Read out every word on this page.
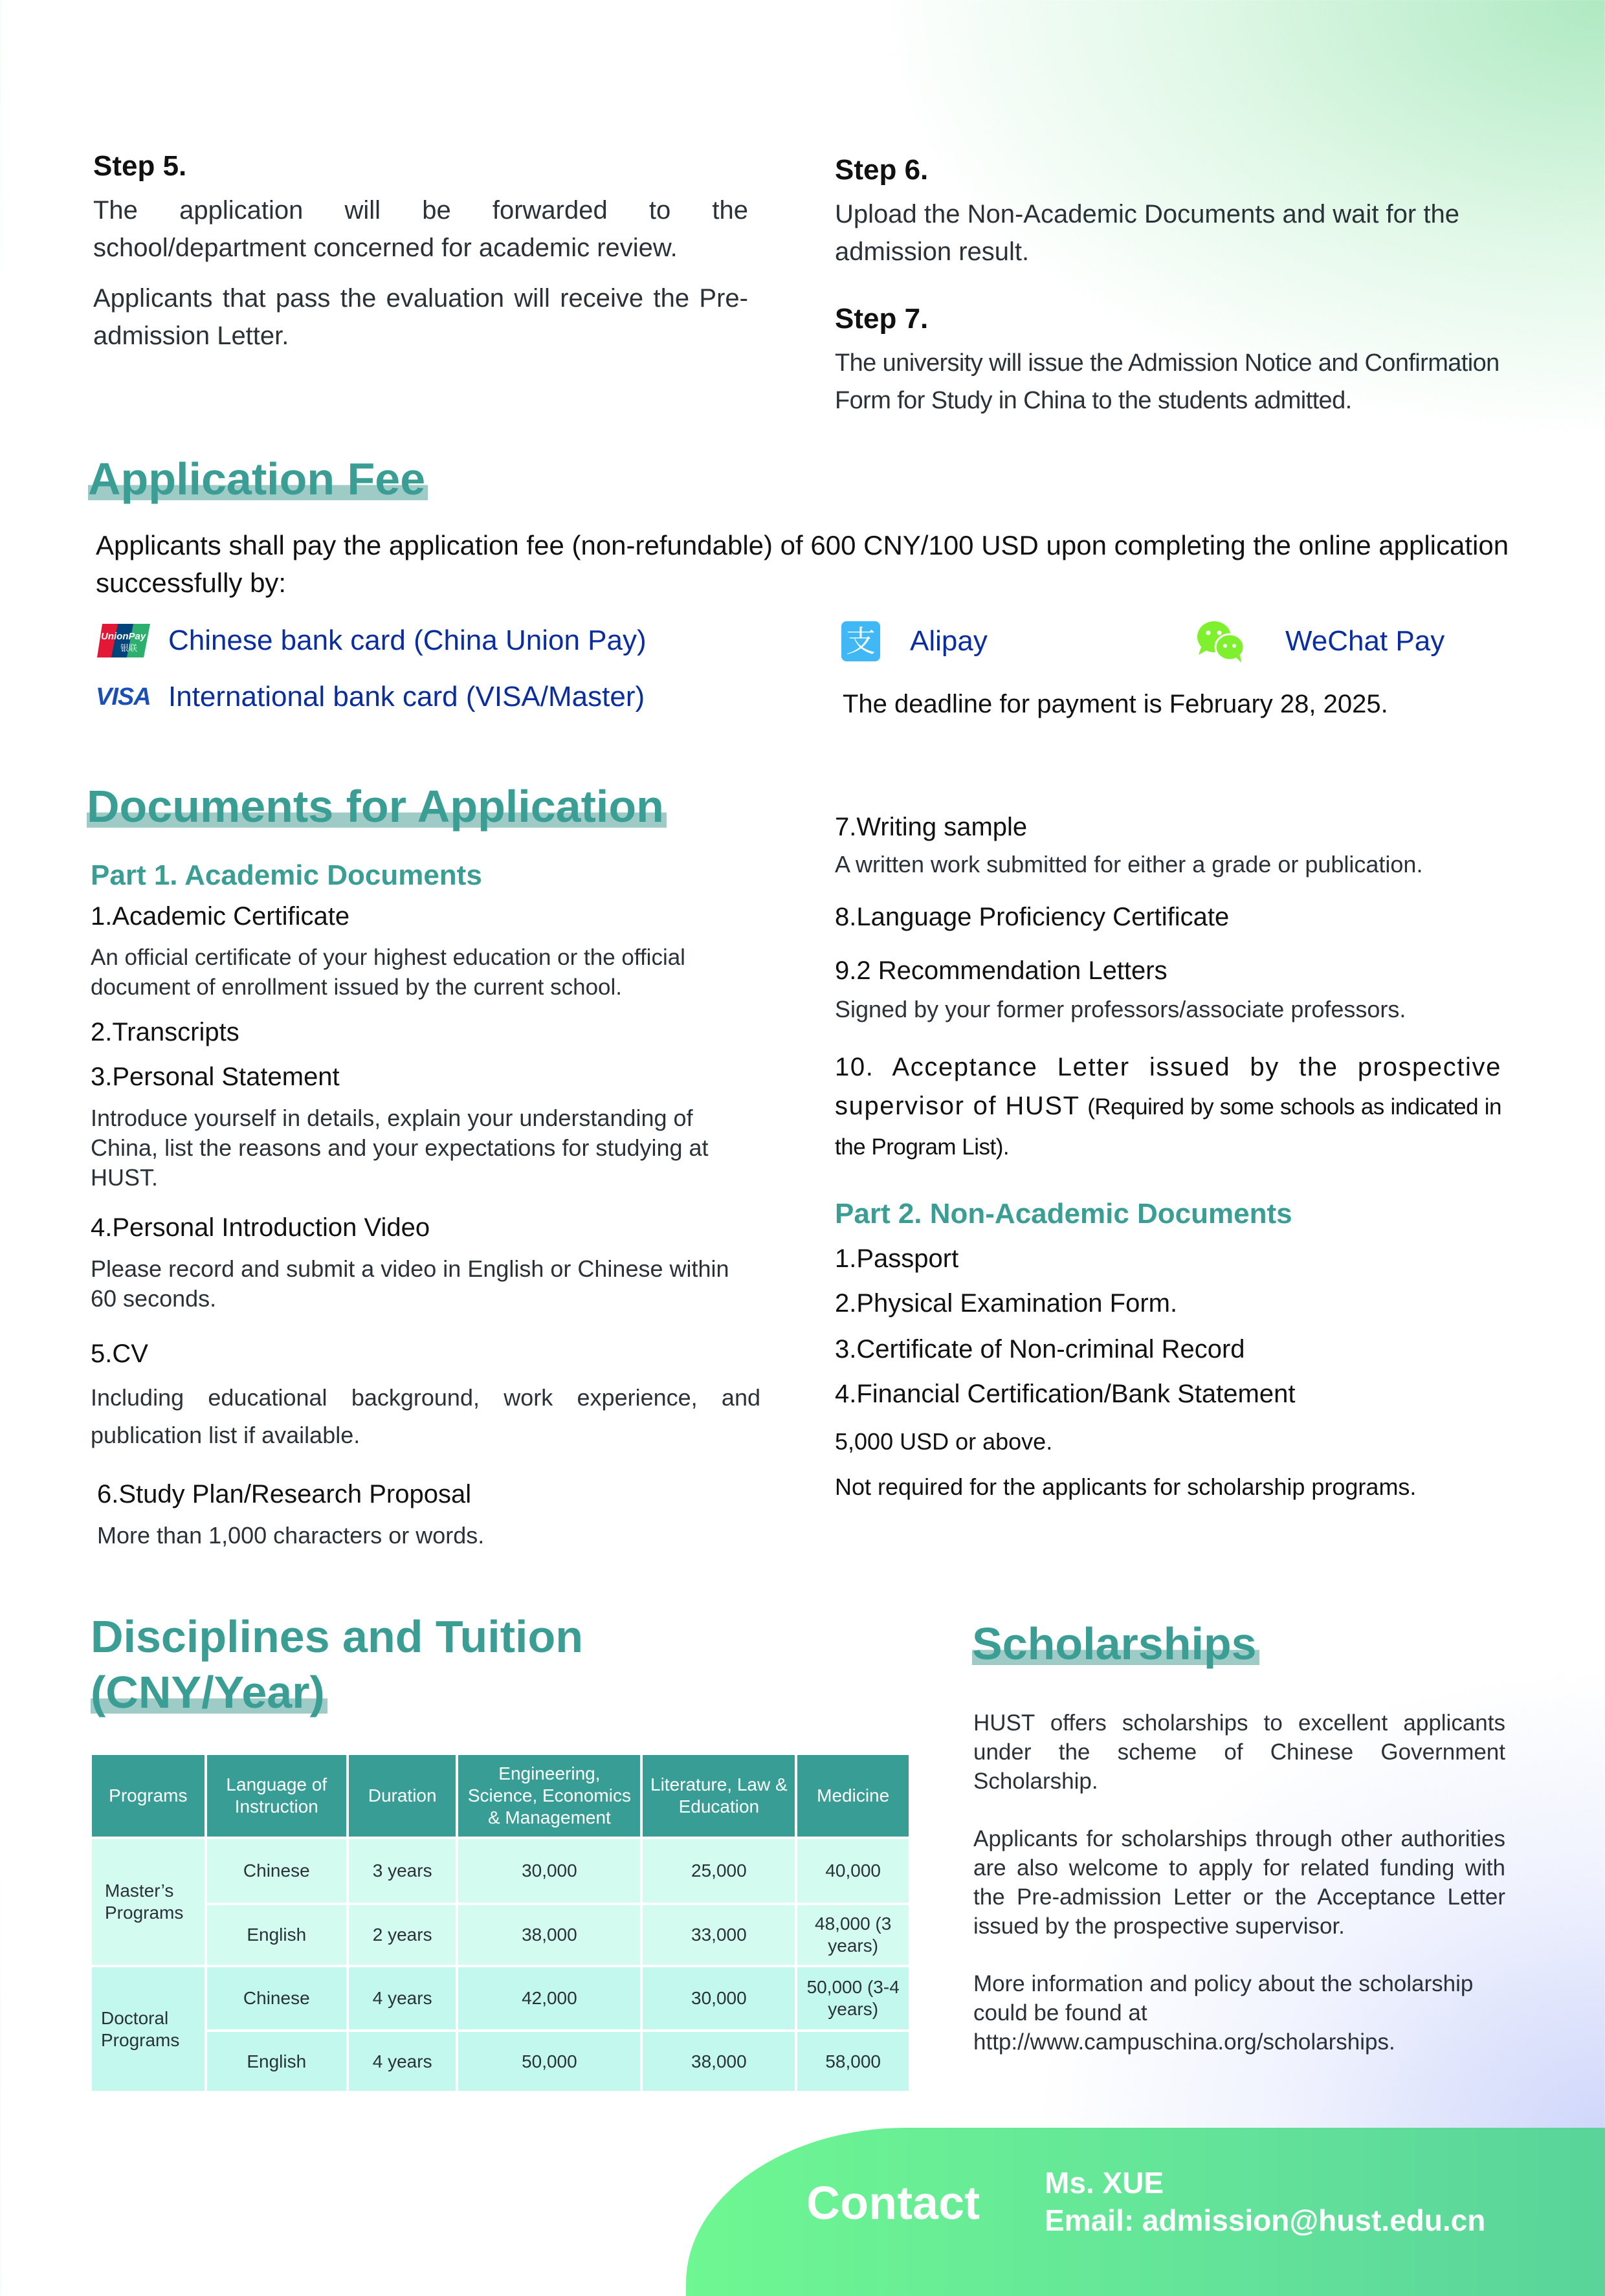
Step 5.

The application will be forwarded to the school/department concerned for academic review.

Applicants that pass the evaluation will receive the Pre-admission Letter.

Step 6.

Upload the Non-Academic Documents and wait for the admission result.

Step 7.

The university will issue the Admission Notice and Confirmation Form for Study in China to the students admitted.

Application Fee

Applicants shall pay the application fee (non-refundable) of 600 CNY/100 USD upon completing the online application successfully by:

UnionPay
银联 Chinese bank card (China Union Pay)
VISA International bank card (VISA/Master)
支 Alipay	WeChat Pay

The deadline for payment is February 28, 2025.

Documents for Application
Part 1. Academic Documents
1.Academic Certificate

An official certificate of your highest education or the official document of enrollment issued by the current school.

2.Transcripts
3.Personal Statement

Introduce yourself in details, explain your understanding of China, list the reasons and your expectations for studying at HUST.

4.Personal Introduction Video

Please record and submit a video in English or Chinese within 60 seconds.

5.CV

Including educational background, work experience, and publication list if available.

6.Study Plan/Research Proposal

More than 1,000 characters or words.

7.Writing sample

A written work submitted for either a grade or publication.

8.Language Proficiency Certificate
9.2 Recommendation Letters

Signed by your former professors/associate professors.

10. Acceptance Letter issued by the prospective supervisor of HUST (Required by some schools as indicated in the Program List).

Part 2. Non-Academic Documents
1.Passport
2.Physical Examination Form.
3.Certificate of Non-criminal Record
4.Financial Certification/Bank Statement

5,000 USD or above.

Not required for the applicants for scholarship programs.

Disciplines and Tuition
(CNY/Year)
Programs	Language of Instruction	Duration	Engineering, Science, Economics & Management	Literature, Law & Education	Medicine
Master’s Programs	Chinese	3 years	30,000	25,000	40,000
	English	2 years	38,000	33,000	48,000 (3 years)
Doctoral Programs	Chinese	4 years	42,000	30,000	50,000 (3-4 years)
	English	4 years	50,000	38,000	58,000
Scholarships

HUST offers scholarships to excellent applicants under the scheme of Chinese Government Scholarship.

Applicants for scholarships through other authorities are also welcome to apply for related funding with the Pre-admission Letter or the Acceptance Letter issued by the prospective supervisor.

More information and policy about the scholarship could be found at http://www.campuschina.org/scholarships.

Contact Ms. XUE
Email: admission@hust.edu.cn
